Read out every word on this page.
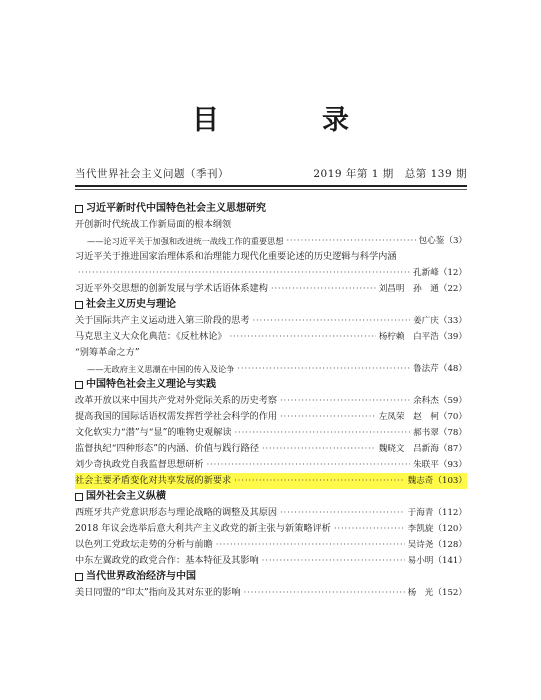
目　录
当代世界社会主义问题（季刊）	2019 年第 1 期　总第 139 期
习近平新时代中国特色社会主义思想研究
开创新时代统战工作新局面的根本纲领
——论习近平关于加强和改进统一战线工作的重要思想 ·····	包心鉴 （3）
习近平关于推进国家治理体系和治理能力现代化重要论述的历史逻辑与科学内涵
·····
孔新峰 （12）
习近平外交思想的创新发展与学术话语体系建构 ·····	刘昌明　孙　通 （22）
社会主义历史与理论
关于国际共产主义运动进入第三阶段的思考 ·····	姜广庆 （33）
马克思主义大众化典范：《反杜林论》 ·····	杨柠赖　白平浩 （39）
“别筹革命之方”
——无政府主义思潮在中国的传入及论争 ·····	鲁法芹 （48）
中国特色社会主义理论与实践
改革开放以来中国共产党对外党际关系的历史考察 ·····	余科杰 （59）
提高我国的国际话语权需发挥哲学社会科学的作用 ·····	左凤荣　赵　柯 （70）
文化软实力“潜”与“显”的唯物史观解读 ·····	郝书翠 （78）
监督执纪“四种形态”的内涵、价值与践行路径 ·····	魏晓文　吕新海 （87）
刘少奇执政党自我监督思想研析 ·····	朱联平 （93）
社会主要矛盾变化对共享发展的新要求 ·····	魏志奇 （103）
国外社会主义纵横
西班牙共产党意识形态与理论战略的调整及其原因 ·····	于海青 （112）
2018 年议会选举后意大利共产主义政党的新主张与新策略评析 ·····	李凯旋 （120）
以色列工党政坛走势的分析与前瞻 ·····	吴诗尧 （128）
中东左翼政党的政党合作：基本特征及其影响 ·····	易小明 （141）
当代世界政治经济与中国
美日同盟的“印太”指向及其对东亚的影响 ·····	杨　光 （152）
